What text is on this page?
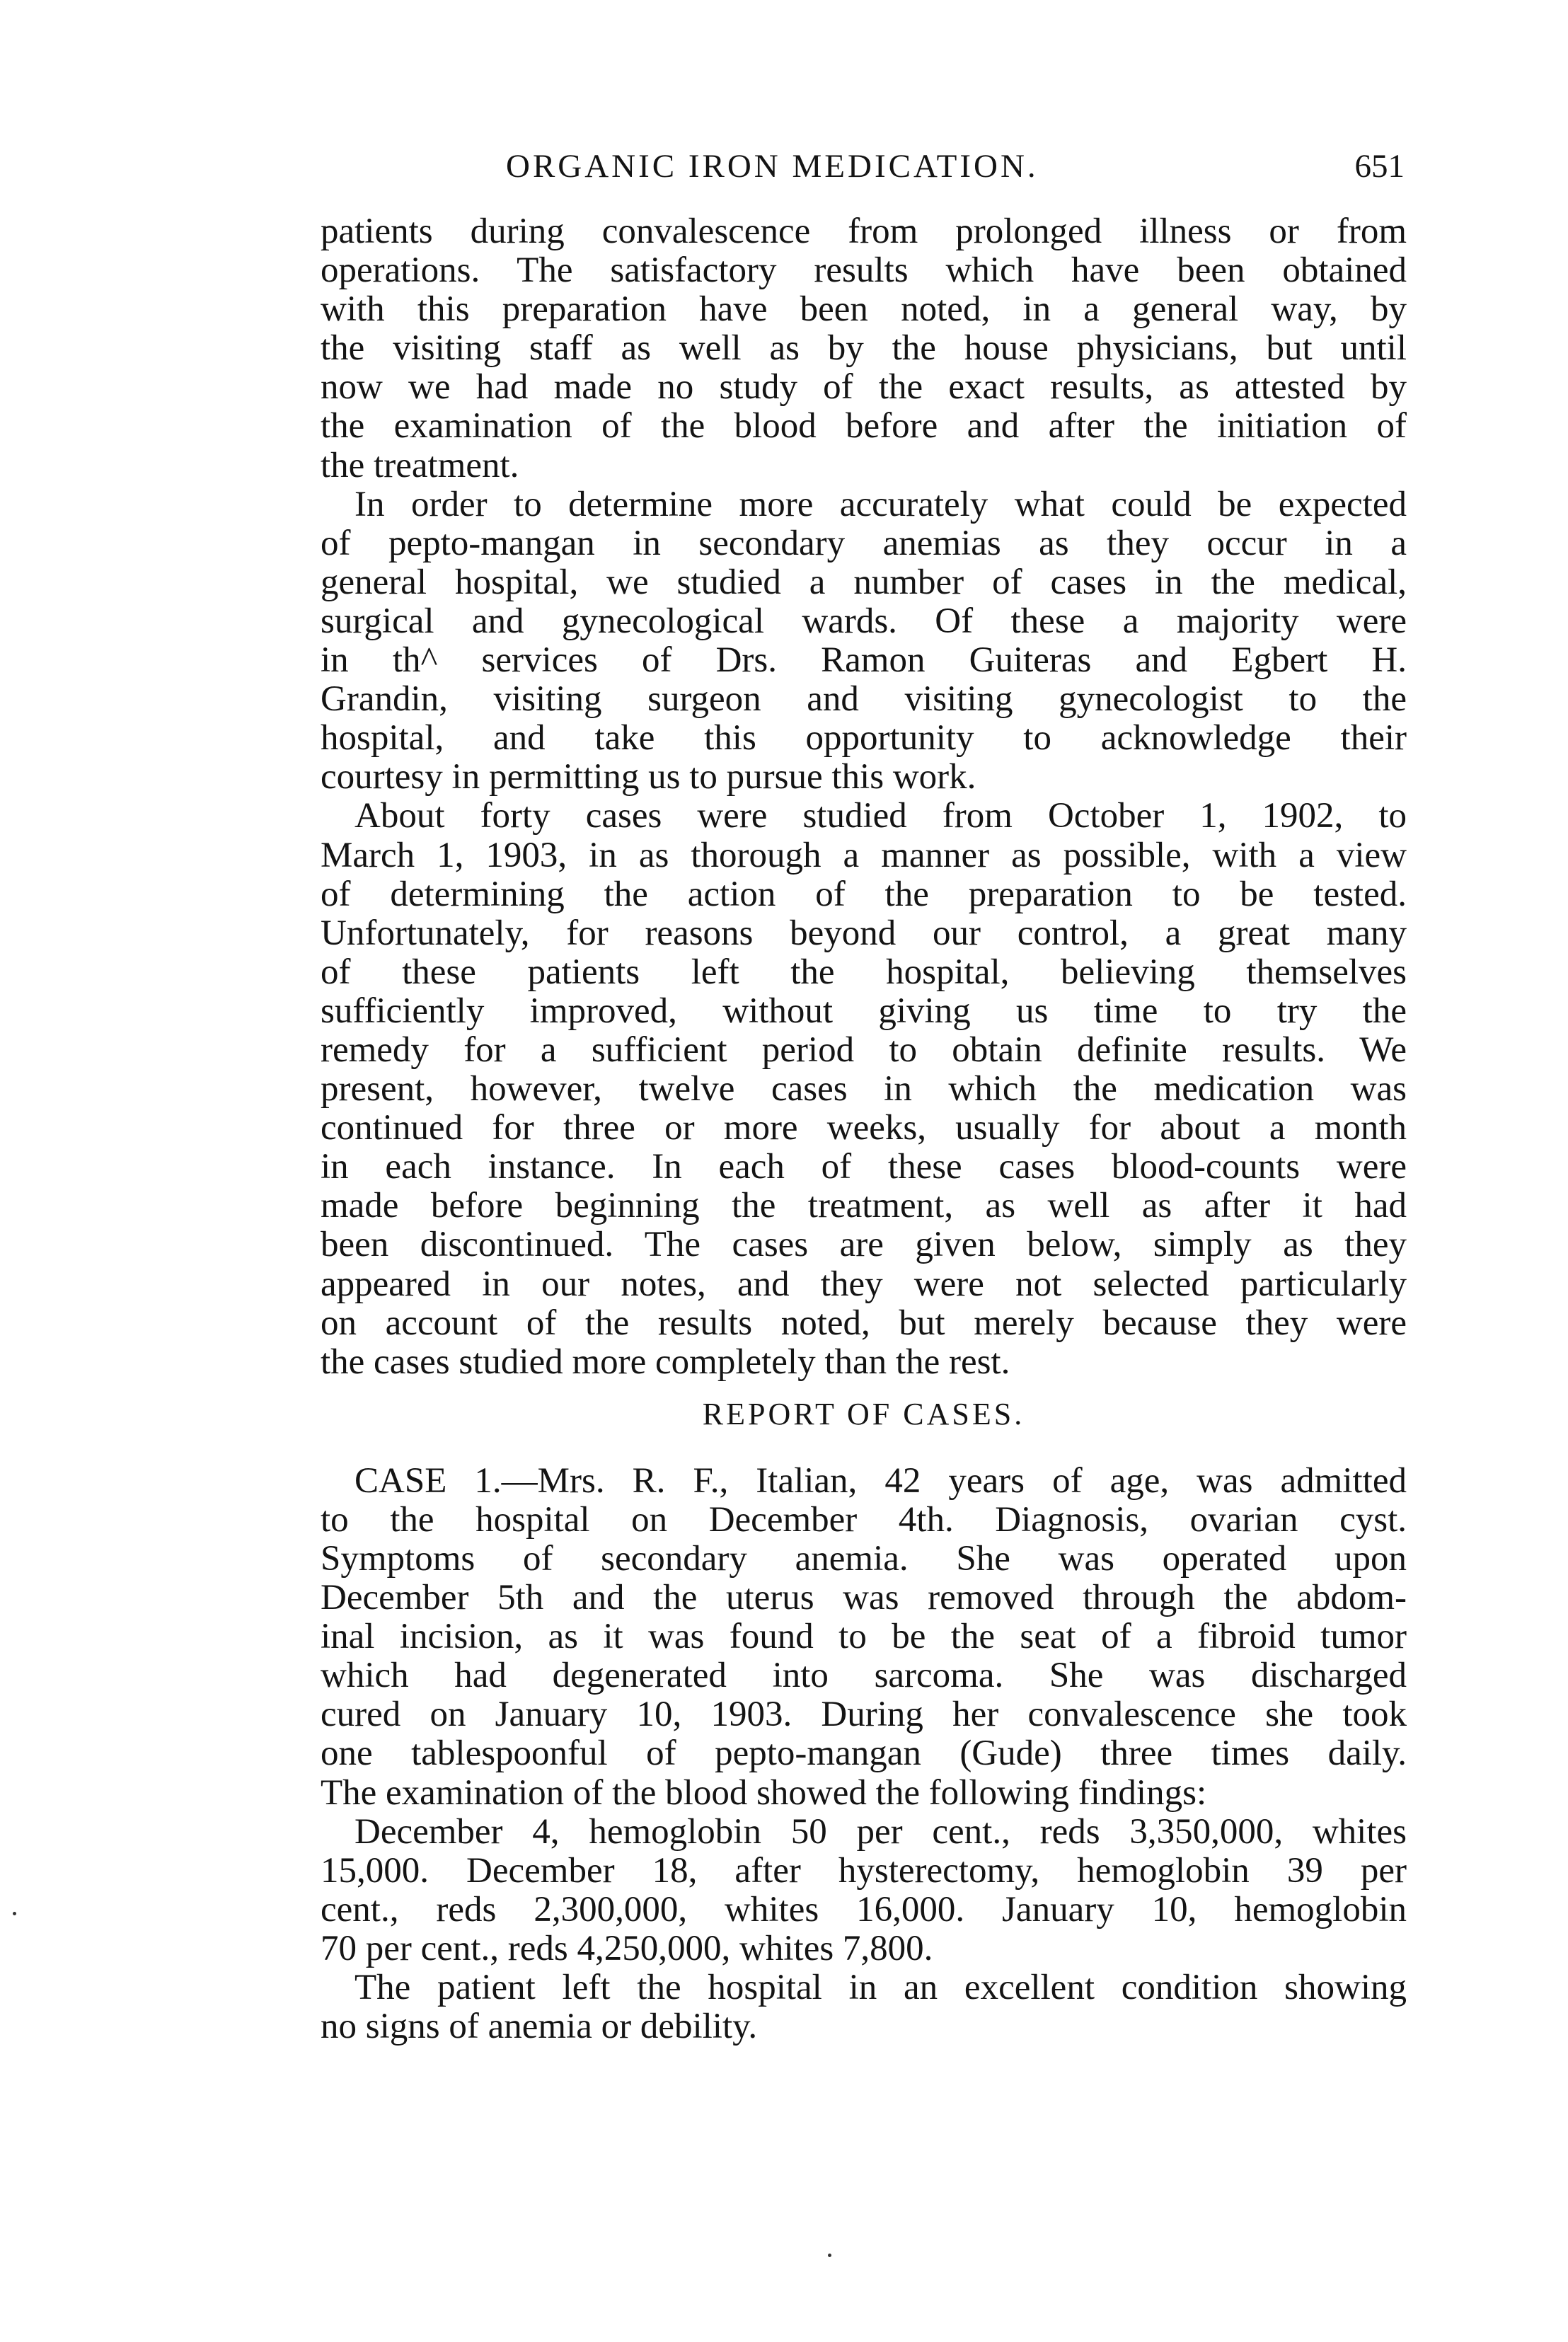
ORGANIC IRON MEDICATION.	651
patients during convalescence from prolonged illness or from
operations. The satisfactory results which have been obtained
with this preparation have been noted, in a general way, by
the visiting staff as well as by the house physicians, but until
now we had made no study of the exact results, as attested by
the examination of the blood before and after the initiation of
the treatment.
In order to determine more accurately what could be expected
of pepto-mangan in secondary anemias as they occur in a
general hospital, we studied a number of cases in the medical,
surgical and gynecological wards. Of these a majority were
in th^ services of Drs. Ramon Guiteras and Egbert H.
Grandin, visiting surgeon and visiting gynecologist to the
hospital, and take this opportunity to acknowledge their
courtesy in permitting us to pursue this work.
About forty cases were studied from October 1, 1902, to
March 1, 1903, in as thorough a manner as possible, with a view
of determining the action of the preparation to be tested.
Unfortunately, for reasons beyond our control, a great many
of these patients left the hospital, believing themselves
sufficiently improved, without giving us time to try the
remedy for a sufficient period to obtain definite results. We
present, however, twelve cases in which the medication was
continued for three or more weeks, usually for about a month
in each instance. In each of these cases blood-counts were
made before beginning the treatment, as well as after it had
been discontinued. The cases are given below, simply as they
appeared in our notes, and they were not selected particularly
on account of the results noted, but merely because they were
the cases studied more completely than the rest.
REPORT OF CASES.
CASE 1.—Mrs. R. F., Italian, 42 years of age, was admitted
to the hospital on December 4th. Diagnosis, ovarian cyst.
Symptoms of secondary anemia. She was operated upon
December 5th and the uterus was removed through the abdom-
inal incision, as it was found to be the seat of a fibroid tumor
which had degenerated into sarcoma. She was discharged
cured on January 10, 1903. During her convalescence she took
one tablespoonful of pepto-mangan (Gude) three times daily.
The examination of the blood showed the following findings:
December 4, hemoglobin 50 per cent., reds 3,350,000, whites
15,000. December 18, after hysterectomy, hemoglobin 39 per
cent., reds 2,300,000, whites 16,000. January 10, hemoglobin
70 per cent., reds 4,250,000, whites 7,800.
The patient left the hospital in an excellent condition showing
no signs of anemia or debility.
